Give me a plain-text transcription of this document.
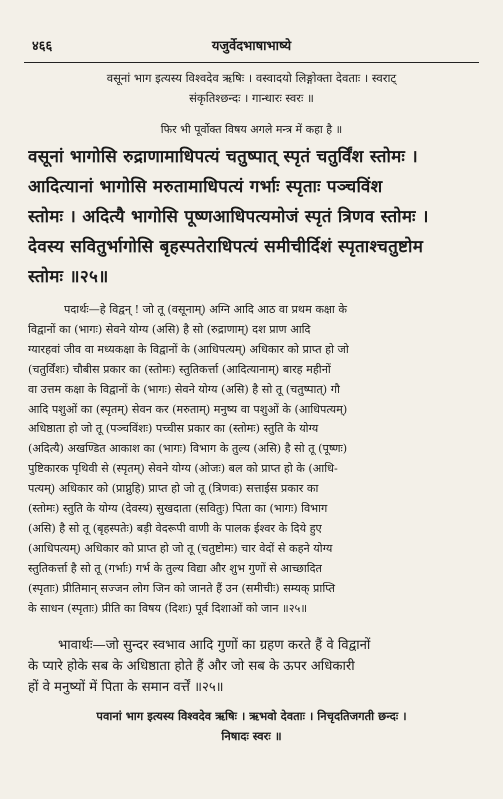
४६६	यजुर्वेदभाषाभाष्ये
वसूनां भाग इत्यस्य विश्वदेव ऋषिः । वस्वादयो लिङ्गोक्ता देवताः । स्वराट्
संकृतिश्छन्दः । गान्धारः स्वरः ॥
फिर भी पूर्वोक्त विषय अगले मन्त्र में कहा है ॥
वसूनां भागोसि रुद्राणामाधिपत्यं चतुष्पात् स्पृतं चतुर्विंश स्तोमः ।
आदित्यानां भागोसि मरुतामाधिपत्यं गर्भाः स्पृताः पञ्चविंश
स्तोमः । अदित्यै भागोसि पूष्णआधिपत्यमोजं स्पृतं त्रिणव स्तोमः ।
देवस्य सवितुर्भागोसि बृहस्पतेराधिपत्यं समीचीर्दिशं स्पृताश्चतुष्टोम
स्तोमः ॥२५॥
पदार्थः—हे विद्वन् ! जो तू (वसूनाम्) अग्नि आदि आठ वा प्रथम कक्षा के
विद्वानों का (भागः) सेवने योग्य (असि) है सो (रुद्राणाम्) दश प्राण आदि
ग्यारहवां जीव वा मध्यकक्षा के विद्वानों के (आधिपत्यम्) अधिकार को प्राप्त हो जो
(चतुर्विंशः) चौबीस प्रकार का (स्तोमः) स्तुतिकर्त्ता (आदित्यानाम्) बारह महीनों
वा उत्तम कक्षा के विद्वानों के (भागः) सेवने योग्य (असि) है सो तू (चतुष्पात्) गौ
आदि पशुओं का (स्पृतम्) सेवन कर (मरुताम्) मनुष्य वा पशुओं के (आधिपत्यम्)
अधिष्ठाता हो जो तू (पञ्चविंशः) पच्चीस प्रकार का (स्तोमः) स्तुति के योग्य
(अदित्यै) अखण्डित आकाश का (भागः) विभाग के तुल्य (असि) है सो तू (पूष्णः)
पुष्टिकारक पृथिवी से (स्पृतम्) सेवने योग्य (ओजः) बल को प्राप्त हो के (आधि-
पत्यम्) अधिकार को (प्राप्नुहि) प्राप्त हो जो तू (त्रिणवः) सत्ताईस प्रकार का
(स्तोमः) स्तुति के योग्य (देवस्य) सुखदाता (सवितुः) पिता का (भागः) विभाग
(असि) है सो तू (बृहस्पतेः) बड़ी वेदरूपी वाणी के पालक ईश्वर के दिये हुए
(आधिपत्यम्) अधिकार को प्राप्त हो जो तू (चतुष्टोमः) चार वेदों से कहने योग्य
स्तुतिकर्त्ता है सो तू (गर्भाः) गर्भ के तुल्य विद्या और शुभ गुणों से आच्छादित
(स्पृताः) प्रीतिमान् सज्जन लोग जिन को जानते हैं उन (समीचीः) सम्यक् प्राप्ति
के साधन (स्पृताः) प्रीति का विषय (दिशः) पूर्व दिशाओं को जान ॥२५॥
भावार्थः—जो सुन्दर स्वभाव आदि गुणों का ग्रहण करते हैं वे विद्वानों
के प्यारे होके सब के अधिष्ठाता होते हैं और जो सब के ऊपर अधिकारी
हों वे मनुष्यों में पिता के समान वर्त्तें ॥२५॥
पवानां भाग इत्यस्य विश्वदेव ऋषिः । ऋभवो देवताः । निचृदतिजगती छन्दः ।
निषादः स्वरः ॥
